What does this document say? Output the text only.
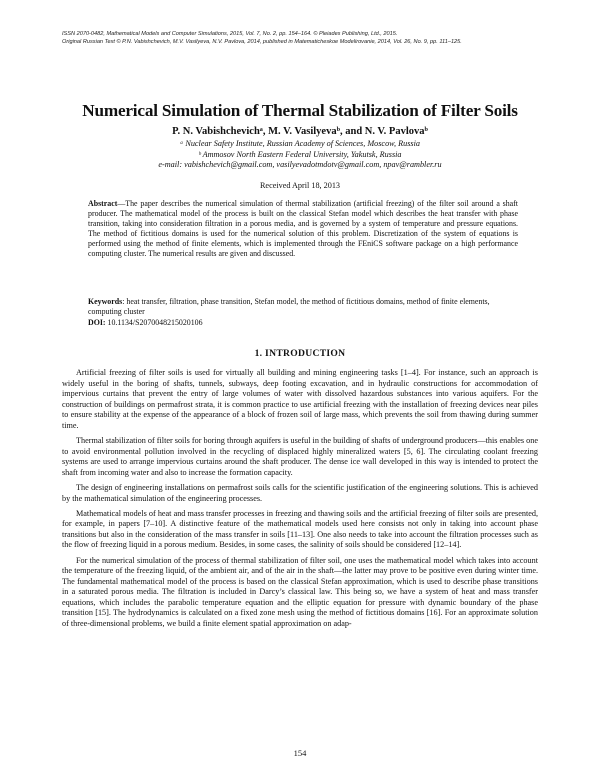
ISSN 2070-0482, Mathematical Models and Computer Simulations, 2015, Vol. 7, No. 2, pp. 154–164. © Pleiades Publishing, Ltd., 2015.
Original Russian Text © P.N. Vabishchevich, M.V. Vasilyeva, N.V. Pavlova, 2014, published in Matematicheskoe Modelirovanie, 2014, Vol. 26, No. 9, pp. 111–125.
Numerical Simulation of Thermal Stabilization of Filter Soils
P. N. Vabishchevichᵃ, M. V. Vasilyevaᵇ, and N. V. Pavlovaᵇ
ᵃ Nuclear Safety Institute, Russian Academy of Sciences, Moscow, Russia
ᵇ Ammosov North Eastern Federal University, Yakutsk, Russia
e-mail: vabishchevich@gmail.com, vasilyevadotmdotv@gmail.com, npav@rambler.ru
Received April 18, 2013

Abstract—The paper describes the numerical simulation of thermal stabilization (artificial freezing) of the filter soil around a shaft producer. The mathematical model of the process is built on the classical Stefan model which describes the heat transfer with phase transition, taking into consideration filtration in a porous media, and is governed by a system of temperature and pressure equations. The method of fictitious domains is used for the numerical solution of this problem. Discretization of the system of equations is performed using the method of finite elements, which is implemented through the FEniCS software package on a high performance computing cluster. The numerical results are given and discussed.

Keywords: heat transfer, filtration, phase transition, Stefan model, the method of fictitious domains, method of finite elements, computing cluster

DOI: 10.1134/S2070048215020106

1. INTRODUCTION

Artificial freezing of filter soils is used for virtually all building and mining engineering tasks [1–4]. For instance, such an approach is widely useful in the boring of shafts, tunnels, subways, deep footing excavation, and in hydraulic constructions for accommodation of impervious curtains that prevent the entry of large volumes of water with dissolved hazardous substances into various aquifers. For the construction of buildings on permafrost strata, it is common practice to use artificial freezing with the installation of freezing devices near piles to ensure stability at the expense of the appearance of a block of frozen soil of large mass, which prevents the soil from thawing during summer time.

Thermal stabilization of filter soils for boring through aquifers is useful in the building of shafts of underground producers—this enables one to avoid environmental pollution involved in the recycling of displaced highly mineralized waters [5, 6]. The circulating coolant freezing systems are used to arrange impervious curtains around the shaft producer. The dense ice wall developed in this way is intended to protect the shaft from incoming water and also to increase the formation capacity.

The design of engineering installations on permafrost soils calls for the scientific justification of the engineering solutions. This is achieved by the mathematical simulation of the engineering processes.

Mathematical models of heat and mass transfer processes in freezing and thawing soils and the artificial freezing of filter soils are presented, for example, in papers [7–10]. A distinctive feature of the mathematical models used here consists not only in taking into account phase transitions but also in the consideration of the mass transfer in soils [11–13]. One also needs to take into account the filtration processes such as the flow of freezing liquid in a porous medium. Besides, in some cases, the salinity of soils should be considered [12–14].

For the numerical simulation of the process of thermal stabilization of filter soil, one uses the mathematical model which takes into account the temperature of the freezing liquid, of the ambient air, and of the air in the shaft—the latter may prove to be positive even during winter time. The fundamental mathematical model of the process is based on the classical Stefan approximation, which is used to describe phase transitions in a saturated porous media. The filtration is included in Darcy’s classical law. This being so, we have a system of heat and mass transfer equations, which includes the parabolic temperature equation and the elliptic equation for pressure with dynamic boundary of the phase transition [15]. The hydrodynamics is calculated on a fixed zone mesh using the method of fictitious domains [16]. For an approximate solution of three-dimensional problems, we build a finite element spatial approximation on adap-

154
